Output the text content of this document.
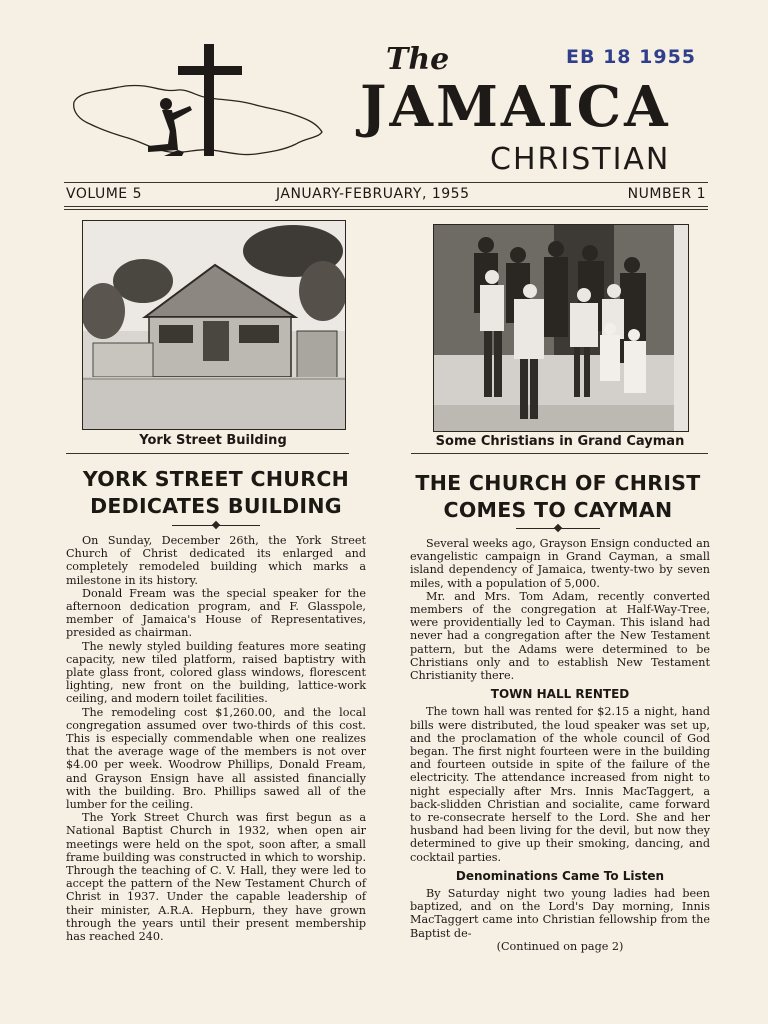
The	EB 18 1955
JAMAICA
CHRISTIAN
VOLUME 5	JANUARY-FEBRUARY, 1955	NUMBER 1
York Street Building	Some Christians in Grand Cayman
YORK STREET CHURCH
DEDICATES BUILDING
THE CHURCH OF CHRIST
COMES TO CAYMAN

On Sunday, December 26th, the York Street Church of Christ dedicated its enlarged and completely remodeled building which marks a milestone in its history.

Donald Fream was the special speaker for the afternoon dedication program, and F. Glasspole, member of Jamaica's House of Representatives, presided as chairman.

The newly styled building features more seating capacity, new tiled platform, raised baptistry with plate glass front, colored glass windows, florescent lighting, new front on the building, lattice-work ceiling, and modern toilet facilities.

The remodeling cost $1,260.00, and the local congregation assumed over two-thirds of this cost. This is especially commendable when one realizes that the average wage of the members is not over $4.00 per week. Woodrow Phillips, Donald Fream, and Grayson Ensign have all assisted financially with the building. Bro. Phillips sawed all of the lumber for the ceiling.

The York Street Church was first begun as a National Baptist Church in 1932, when open air meetings were held on the spot, soon after, a small frame building was constructed in which to worship. Through the teaching of C. V. Hall, they were led to accept the pattern of the New Testament Church of Christ in 1937. Under the capable leadership of their minister, A.R.A. Hepburn, they have grown through the years until their present membership has reached 240.

Several weeks ago, Grayson Ensign conducted an evangelistic campaign in Grand Cayman, a small island dependency of Jamaica, twenty-two by seven miles, with a population of 5,000.

Mr. and Mrs. Tom Adam, recently converted members of the congregation at Half-Way-Tree, were providentially led to Cayman. This island had never had a congregation after the New Testament pattern, but the Adams were determined to be Christians only and to establish New Testament Christianity there.

TOWN HALL RENTED

The town hall was rented for $2.15 a night, hand bills were distributed, the loud speaker was set up, and the proclamation of the whole council of God began. The first night fourteen were in the building and fourteen outside in spite of the failure of the electricity. The attendance increased from night to night especially after Mrs. Innis MacTaggert, a back-slidden Christian and socialite, came forward to re-consecrate herself to the Lord. She and her husband had been living for the devil, but now they determined to give up their smoking, dancing, and cocktail parties.

Denominations Came To Listen

By Saturday night two young ladies had been baptized, and on the Lord's Day morning, Innis MacTaggert came into Christian fellowship from the Baptist de-

(Continued on page 2)
